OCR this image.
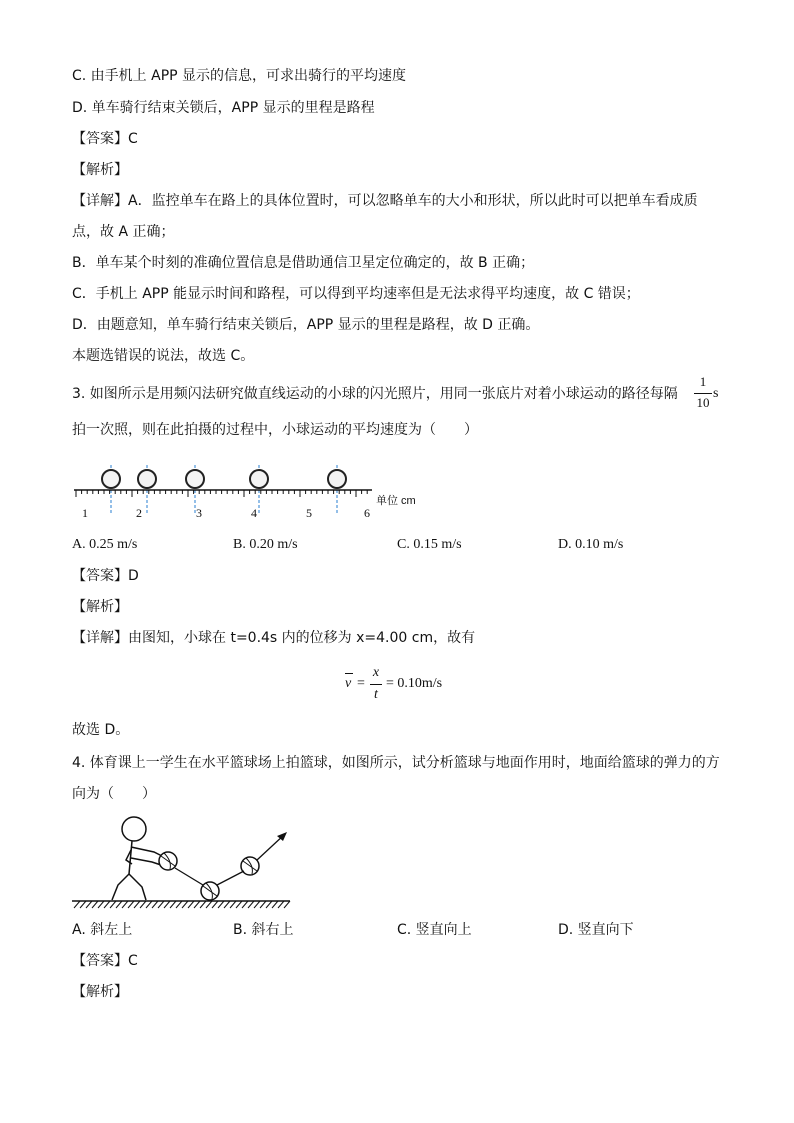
C. 由手机上 APP 显示的信息，可求出骑行的平均速度
D. 单车骑行结束关锁后，APP 显示的里程是路程
【答案】C
【解析】
【详解】A．监控单车在路上的具体位置时，可以忽略单车的大小和形状，所以此时可以把单车看成质
点，故 A 正确；
B．单车某个时刻的准确位置信息是借助通信卫星定位确定的，故 B 正确；
C．手机上 APP 能显示时间和路程，可以得到平均速率但是无法求得平均速度，故 C 错误；
D．由题意知，单车骑行结束关锁后，APP 显示的里程是路程，故 D 正确。
本题选错误的说法，故选 C。
3. 如图所示是用频闪法研究做直线运动的小球的闪光照片，用同一张底片对着小球运动的路径每隔
1
10
s
拍一次照，则在此拍摄的过程中，小球运动的平均速度为（　　）
1	2	3	4	5	6
单位 cm
A. 0.25 m/s	B. 0.20 m/s	C. 0.15 m/s	D. 0.10 m/s
【答案】D
【解析】
【详解】由图知，小球在 t=0.4s 内的位移为 x=4.00 cm，故有
v =
x
t
= 0.10m/s
故选 D。
4. 体育课上一学生在水平篮球场上拍篮球，如图所示，试分析篮球与地面作用时，地面给篮球的弹力的方
向为（　　）
A. 斜左上	B. 斜右上	C. 竖直向上	D. 竖直向下
【答案】C
【解析】
